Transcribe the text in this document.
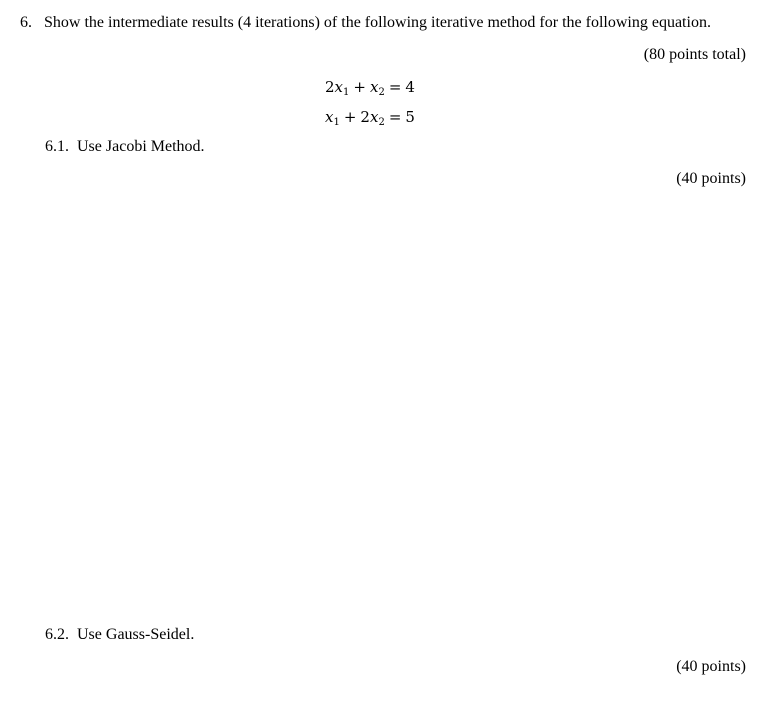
6. Show the intermediate results (4 iterations) of the following iterative method for the following equation.
(80 points total)
$2x_1 + x_2 = 4$
$x_1 + 2x_2 = 5$
6.1. Use Jacobi Method.
(40 points)
6.2. Use Gauss-Seidel.
(40 points)
